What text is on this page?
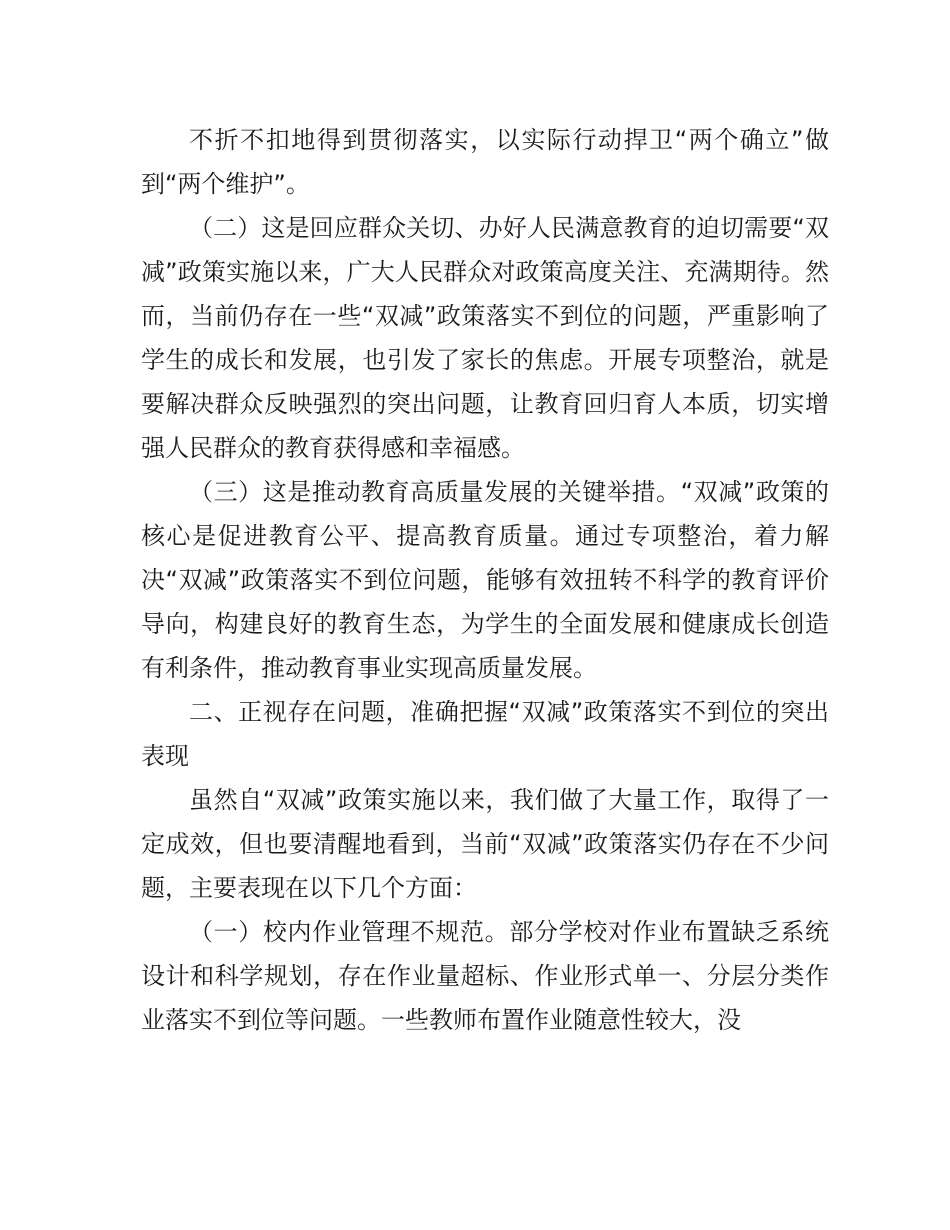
不折不扣地得到贯彻落实，以实际行动捍卫“两个确立”做到“两个维护”。

（二）这是回应群众关切、办好人民满意教育的迫切需要“双减”政策实施以来，广大人民群众对政策高度关注、充满期待。然而，当前仍存在一些“双减”政策落实不到位的问题，严重影响了学生的成长和发展，也引发了家长的焦虑。开展专项整治，就是要解决群众反映强烈的突出问题，让教育回归育人本质，切实增强人民群众的教育获得感和幸福感。

（三）这是推动教育高质量发展的关键举措。“双减”政策的核心是促进教育公平、提高教育质量。通过专项整治，着力解决“双减”政策落实不到位问题，能够有效扭转不科学的教育评价导向，构建良好的教育生态，为学生的全面发展和健康成长创造有利条件，推动教育事业实现高质量发展。

二、正视存在问题，准确把握“双减”政策落实不到位的突出表现

虽然自“双减”政策实施以来，我们做了大量工作，取得了一定成效，但也要清醒地看到，当前“双减”政策落实仍存在不少问题，主要表现在以下几个方面：

（一）校内作业管理不规范。部分学校对作业布置缺乏系统设计和科学规划，存在作业量超标、作业形式单一、分层分类作业落实不到位等问题。一些教师布置作业随意性较大，没
